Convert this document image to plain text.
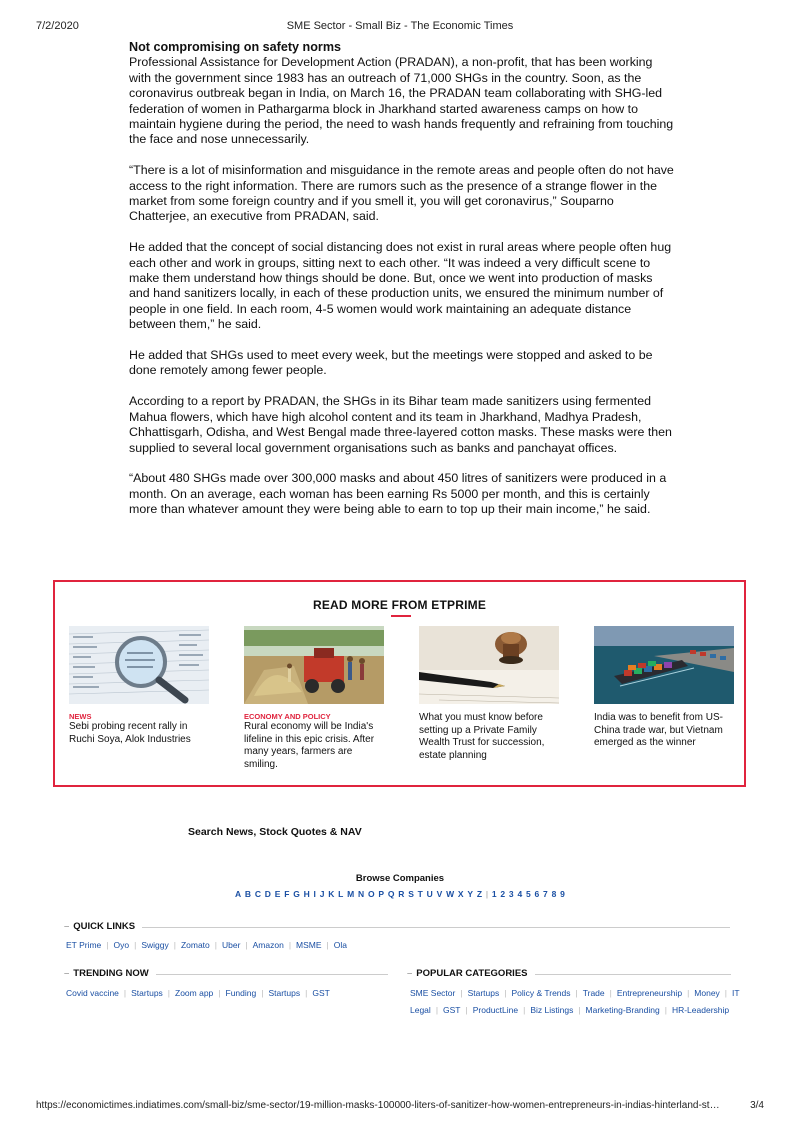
7/2/2020	SME Sector - Small Biz - The Economic Times
Not compromising on safety norms

Professional Assistance for Development Action (PRADAN), a non-profit, that has been working with the government since 1983 has an outreach of 71,000 SHGs in the country. Soon, as the coronavirus outbreak began in India, on March 16, the PRADAN team collaborating with SHG-led federation of women in Pathargarma block in Jharkhand started awareness camps on how to maintain hygiene during the period, the need to wash hands frequently and refraining from touching the face and nose unnecessarily.

“There is a lot of misinformation and misguidance in the remote areas and people often do not have access to the right information. There are rumors such as the presence of a strange flower in the market from some foreign country and if you smell it, you will get coronavirus,” Souparno Chatterjee, an executive from PRADAN, said.

He added that the concept of social distancing does not exist in rural areas where people often hug each other and work in groups, sitting next to each other. “It was indeed a very difficult scene to make them understand how things should be done. But, once we went into production of masks and hand sanitizers locally, in each of these production units, we ensured the minimum number of people in one field. In each room, 4-5 women would work maintaining an adequate distance between them,” he said.

He added that SHGs used to meet every week, but the meetings were stopped and asked to be done remotely among fewer people.

According to a report by PRADAN, the SHGs in its Bihar team made sanitizers using fermented Mahua flowers, which have high alcohol content and its team in Jharkhand, Madhya Pradesh, Chhattisgarh, Odisha, and West Bengal made three-layered cotton masks. These masks were then supplied to several local government organisations such as banks and panchayat offices.

“About 480 SHGs made over 300,000 masks and about 450 litres of sanitizers were produced in a month. On an average, each woman has been earning Rs 5000 per month, and this is certainly more than whatever amount they were being able to earn to top up their main income,” he said.

READ MORE FROM ETPRIME
NEWS
Sebi probing recent rally in Ruchi Soya, Alok Industries
ECONOMY AND POLICY
Rural economy will be India's lifeline in this epic crisis. After many years, farmers are smiling.
What you must know before setting up a Private Family Wealth Trust for succession, estate planning
India was to benefit from US-China trade war, but Vietnam emerged as the winner
Search News, Stock Quotes & NAV
Browse Companies
A B C D E F G H I J K L M N O P Q R S T U V W X Y Z | 1 2 3 4 5 6 7 8 9
– QUICK LINKS
ET Prime | Oyo | Swiggy | Zomato | Uber | Amazon | MSME | Ola
– TRENDING NOW
Covid vaccine | Startups | Zoom app | Funding | Startups | GST
– POPULAR CATEGORIES
SME Sector | Startups | Policy & Trends | Trade | Entrepreneurship | Money | IT
Legal | GST | ProductLine | Biz Listings | Marketing-Branding | HR-Leadership
https://economictimes.indiatimes.com/small-biz/sme-sector/19-million-masks-100000-liters-of-sanitizer-how-women-entrepreneurs-in-indias-hinterland-st…	3/4
